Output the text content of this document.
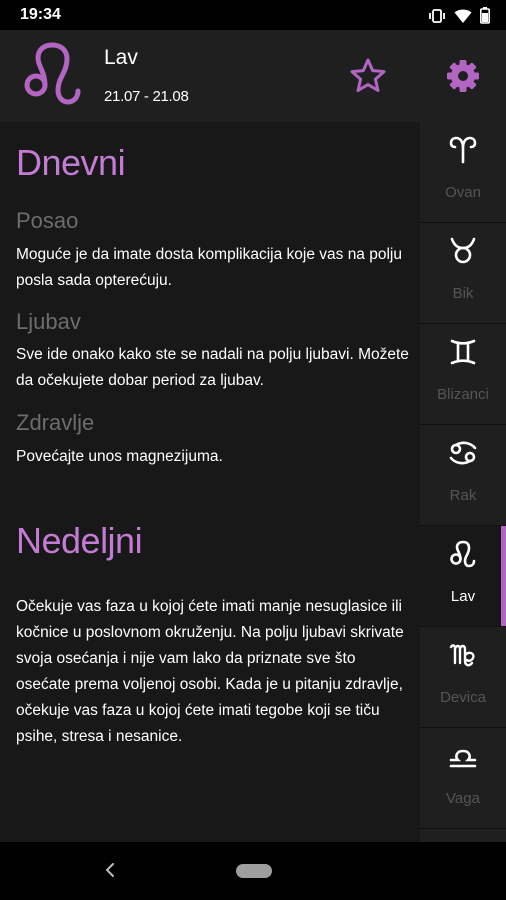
19:34
Lav
21.07 - 21.08
Dnevni
Posao
Moguće je da imate dosta komplikacija koje vas na polju posla sada opterećuju.
Ljubav
Sve ide onako kako ste se nadali na polju ljubavi. Možete da očekujete dobar period za ljubav.
Zdravlje
Povećajte unos magnezijuma.
Nedeljni
Očekuje vas faza u kojoj ćete imati manje nesuglasice ili kočnice u poslovnom okruženju. Na polju ljubavi skrivate svoja osećanja i nije vam lako da priznate sve što osećate prema voljenoj osobi. Kada je u pitanju zdravlje, očekuje vas faza u kojoj ćete imati tegobe koji se tiču psihe, stresa i nesanice.
Ovan
Bik
Blizanci
Rak
Lav
Devica
Vaga
